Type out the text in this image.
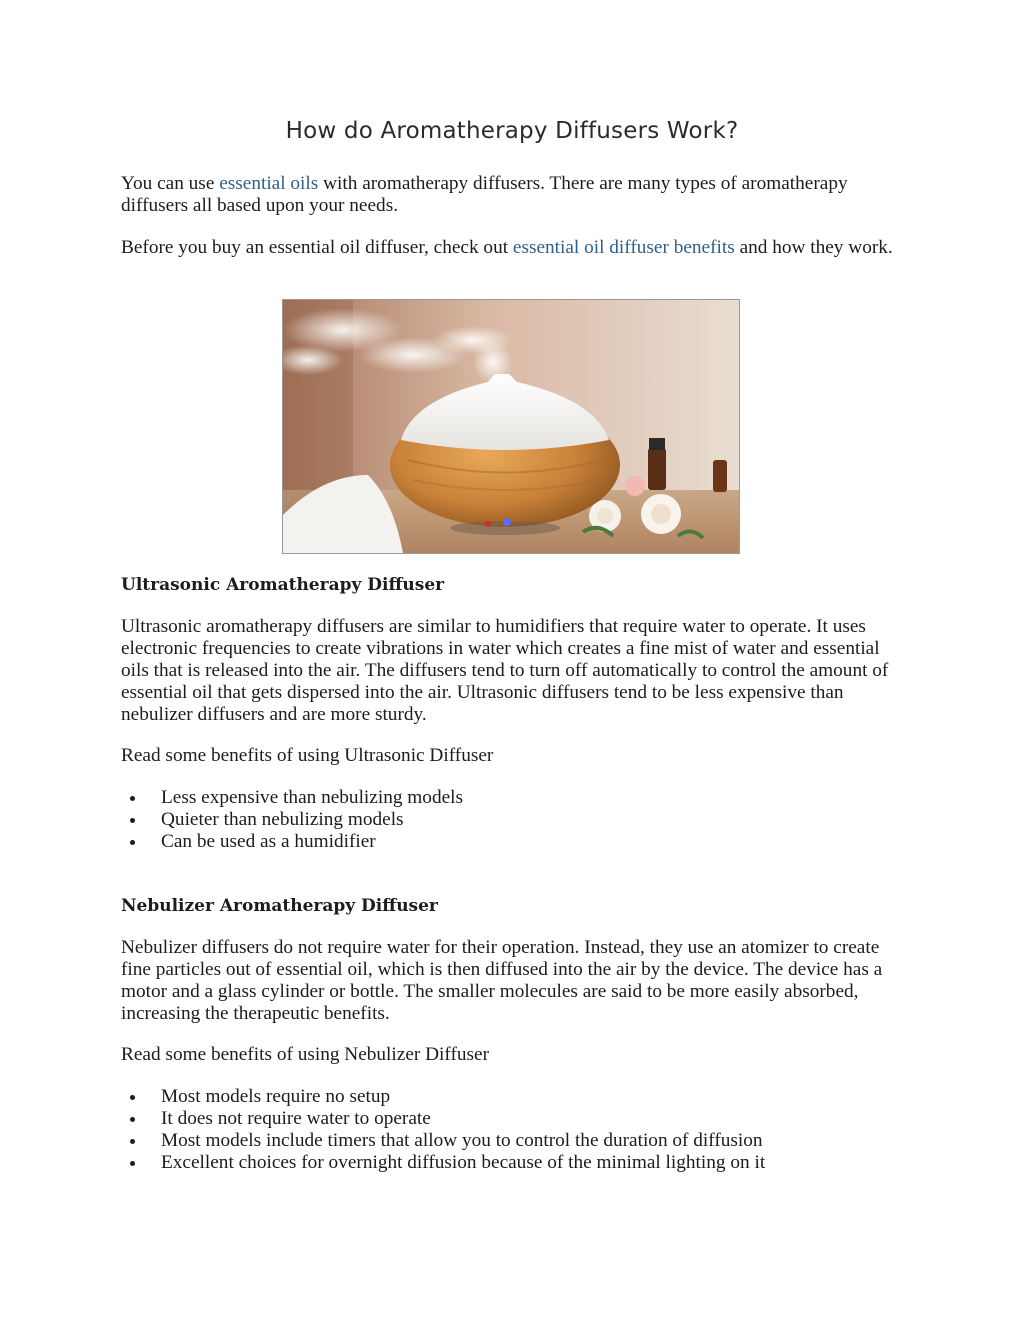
How do Aromatherapy Diffusers Work?

You can use essential oils with aromatherapy diffusers. There are many types of aromatherapy diffusers all based upon your needs.

Before you buy an essential oil diffuser, check out essential oil diffuser benefits and how they work.

Ultrasonic Aromatherapy Diffuser

Ultrasonic aromatherapy diffusers are similar to humidifiers that require water to operate. It uses electronic frequencies to create vibrations in water which creates a fine mist of water and essential oils that is released into the air. The diffusers tend to turn off automatically to control the amount of essential oil that gets dispersed into the air. Ultrasonic diffusers tend to be less expensive than nebulizer diffusers and are more sturdy.

Read some benefits of using Ultrasonic Diffuser

Less expensive than nebulizing models
Quieter than nebulizing models
Can be used as a humidifier
Nebulizer Aromatherapy Diffuser

Nebulizer diffusers do not require water for their operation. Instead, they use an atomizer to create fine particles out of essential oil, which is then diffused into the air by the device. The device has a motor and a glass cylinder or bottle. The smaller molecules are said to be more easily absorbed, increasing the therapeutic benefits.

Read some benefits of using Nebulizer Diffuser

Most models require no setup
It does not require water to operate
Most models include timers that allow you to control the duration of diffusion
Excellent choices for overnight diffusion because of the minimal lighting on it
